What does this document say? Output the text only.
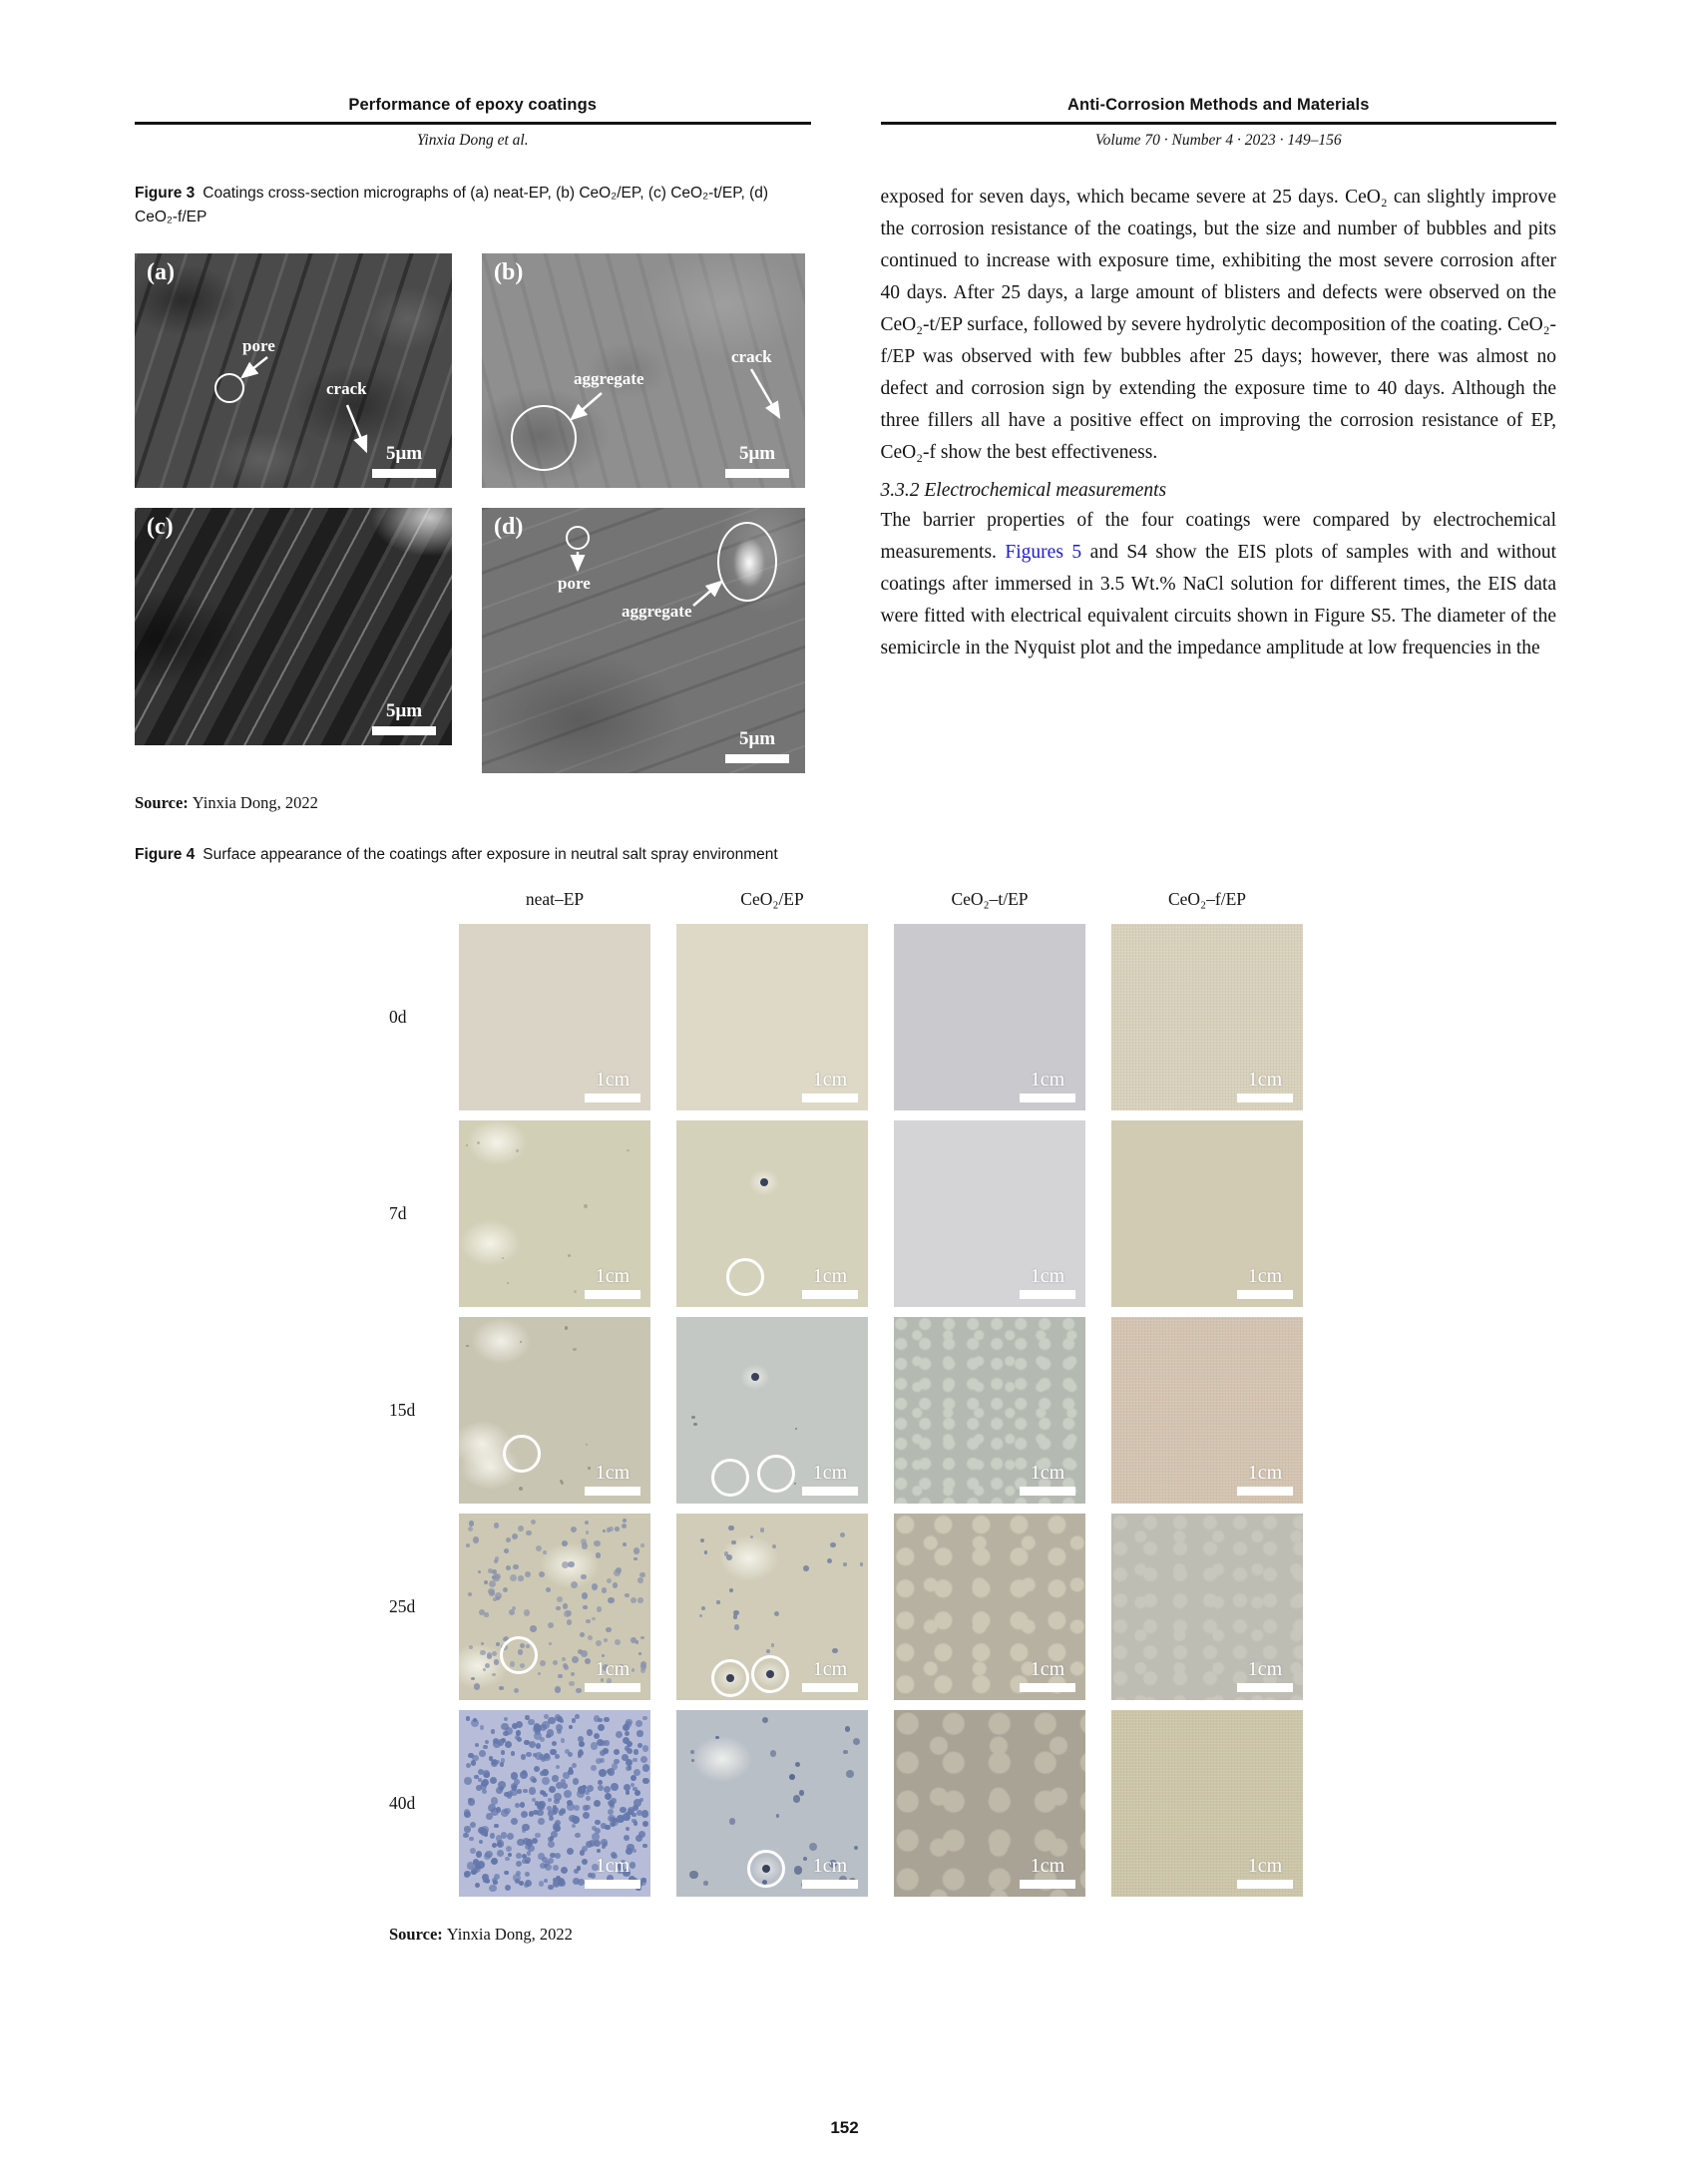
Performance of epoxy coatings
Yinxia Dong et al.
Anti-Corrosion Methods and Materials
Volume 70 · Number 4 · 2023 · 149–156
Figure 3 Coatings cross-section micrographs of (a) neat-EP, (b) CeO₂/EP, (c) CeO₂-t/EP, (d) CeO₂-f/EP
(a)
pore
crack
5μm
(b)
aggregate
crack
5μm
(c)
5μm
(d)
pore
aggregate
5μm
Source: Yinxia Dong, 2022

exposed for seven days, which became severe at 25 days. CeO₂ can slightly improve the corrosion resistance of the coatings, but the size and number of bubbles and pits continued to increase with exposure time, exhibiting the most severe corrosion after 40 days. After 25 days, a large amount of blisters and defects were observed on the CeO₂-t/EP surface, followed by severe hydrolytic decomposition of the coating. CeO₂-f/EP was observed with few bubbles after 25 days; however, there was almost no defect and corrosion sign by extending the exposure time to 40 days. Although the three fillers all have a positive effect on improving the corrosion resistance of EP, CeO₂-f show the best effectiveness.

3.3.2 Electrochemical measurements

The barrier properties of the four coatings were compared by electrochemical measurements. Figures 5 and S4 show the EIS plots of samples with and without coatings after immersed in 3.5 Wt.% NaCl solution for different times, the EIS data were fitted with electrical equivalent circuits shown in Figure S5. The diameter of the semicircle in the Nyquist plot and the impedance amplitude at low frequencies in the

Figure 4 Surface appearance of the coatings after exposure in neutral salt spray environment
neat–EP	CeO₂/EP	CeO₂–t/EP	CeO₂–f/EP
0d
1cm	1cm	1cm	1cm
7d
1cm	1cm	1cm	1cm
15d
1cm	1cm	1cm	1cm
25d
1cm	1cm	1cm	1cm
40d
1cm	1cm	1cm	1cm
Source: Yinxia Dong, 2022
152
